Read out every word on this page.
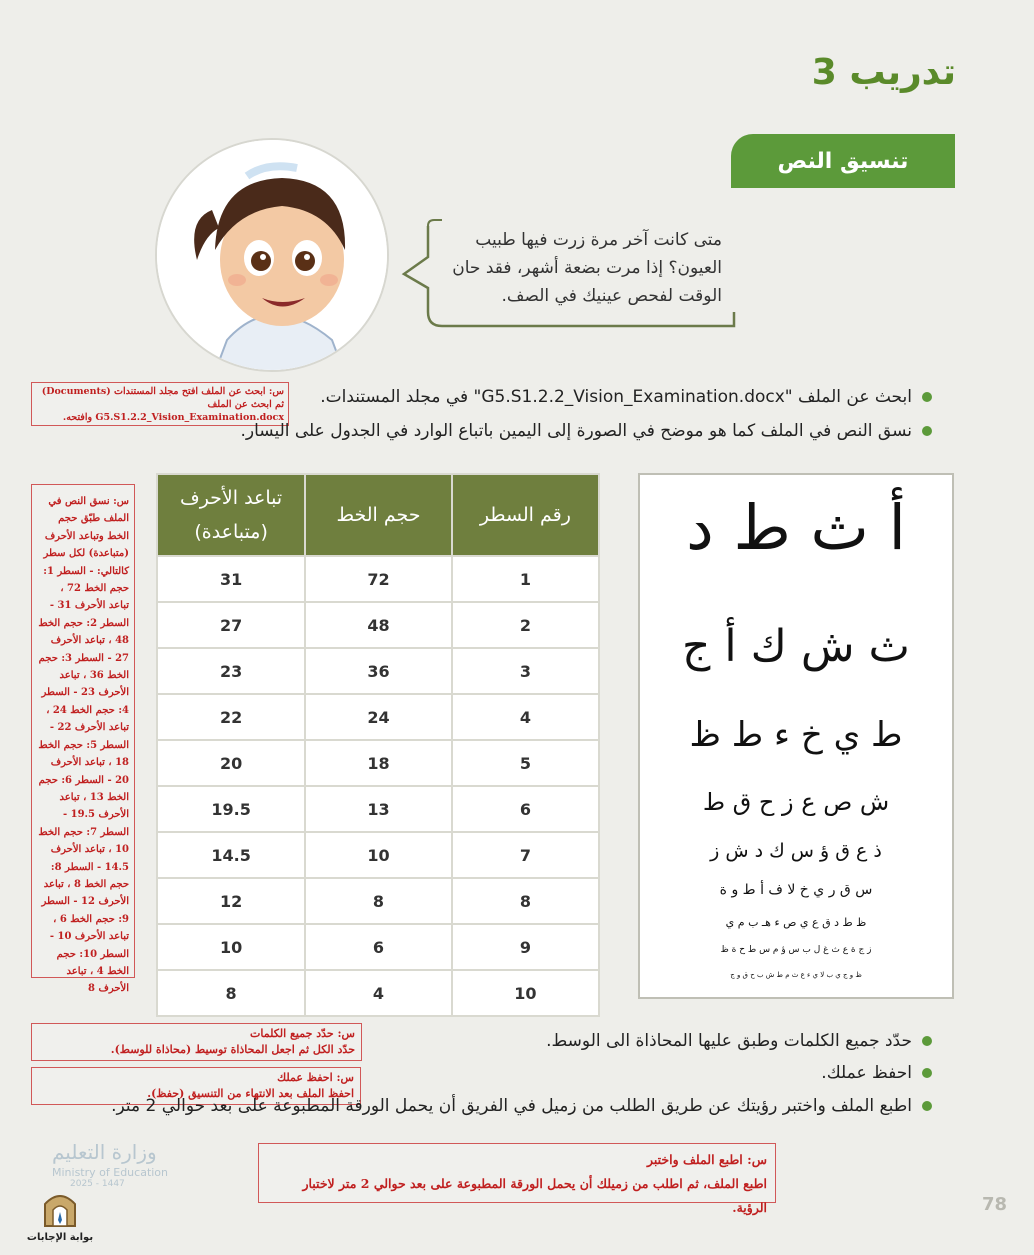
تدريب 3
تنسيق النص
متى كانت آخر مرة زرت فيها طبيب العيون؟ إذا مرت بضعة أشهر، فقد حان الوقت لفحص عينيك في الصف.
س: ابحث عن الملف افتح مجلد المستندات (Documents) ثم ابحث عن الملف G5.S1.2.2_Vision_Examination.docx وافتحه.
ابحث عن الملف "G5.S1.2.2_Vision_Examination.docx" في مجلد المستندات.
نسق النص في الملف كما هو موضح في الصورة إلى اليمين باتباع الوارد في الجدول على اليسار.
س: نسق النص في الملف طبّق حجم الخط وتباعد الأحرف (متباعدة) لكل سطر كالتالي: - السطر 1: حجم الخط 72 ، تباعد الأحرف 31 - السطر 2: حجم الخط 48 ، تباعد الأحرف 27 - السطر 3: حجم الخط 36 ، تباعد الأحرف 23 - السطر 4: حجم الخط 24 ، تباعد الأحرف 22 - السطر 5: حجم الخط 18 ، تباعد الأحرف 20 - السطر 6: حجم الخط 13 ، تباعد الأحرف 19.5 - السطر 7: حجم الخط 10 ، تباعد الأحرف 14.5 - السطر 8: حجم الخط 8 ، تباعد الأحرف 12 - السطر 9: حجم الخط 6 ، تباعد الأحرف 10 - السطر 10: حجم الخط 4 ، تباعد الأحرف 8
رقم السطر	حجم الخط	تباعد الأحرف (متباعدة)
1	72	31
2	48	27
3	36	23
4	24	22
5	18	20
6	13	19.5
7	10	14.5
8	8	12
9	6	10
10	4	8
أ ث ط د
ث ش ك أ ج
ط ي خ ء ط ظ
ش ص ع ز ح ق ط
ذ ع ق ؤ س ك د ش ز
س ق ر ي خ لا ف أ ط و ة
ظ ط د ق ع ي ص ء هـ ب م ي
ز ج ة ع ث غ ل ب س ؤ م س ط ح ة ظ
ظ و ج ي ب لا ي ء ع ث م ط ش ب ح ق و ج
س: حدّد جميع الكلمات
حدّد الكل ثم اجعل المحاذاة توسيط (محاذاة للوسط).
س: احفظ عملك
احفظ الملف بعد الانتهاء من التنسيق (حفظ).
حدّد جميع الكلمات وطبق عليها المحاذاة الى الوسط.
احفظ عملك.
اطبع الملف واختبر رؤيتك عن طريق الطلب من زميل في الفريق أن يحمل الورقة المطبوعة على بعد حوالي 2 متر.
س: اطبع الملف واختبر
اطبع الملف، ثم اطلب من زميلك أن يحمل الورقة المطبوعة على بعد حوالي 2 متر لاختبار الرؤية.
وزارة التعليم
Ministry of Education
2025 - 1447
بوابة الإجابات
78
